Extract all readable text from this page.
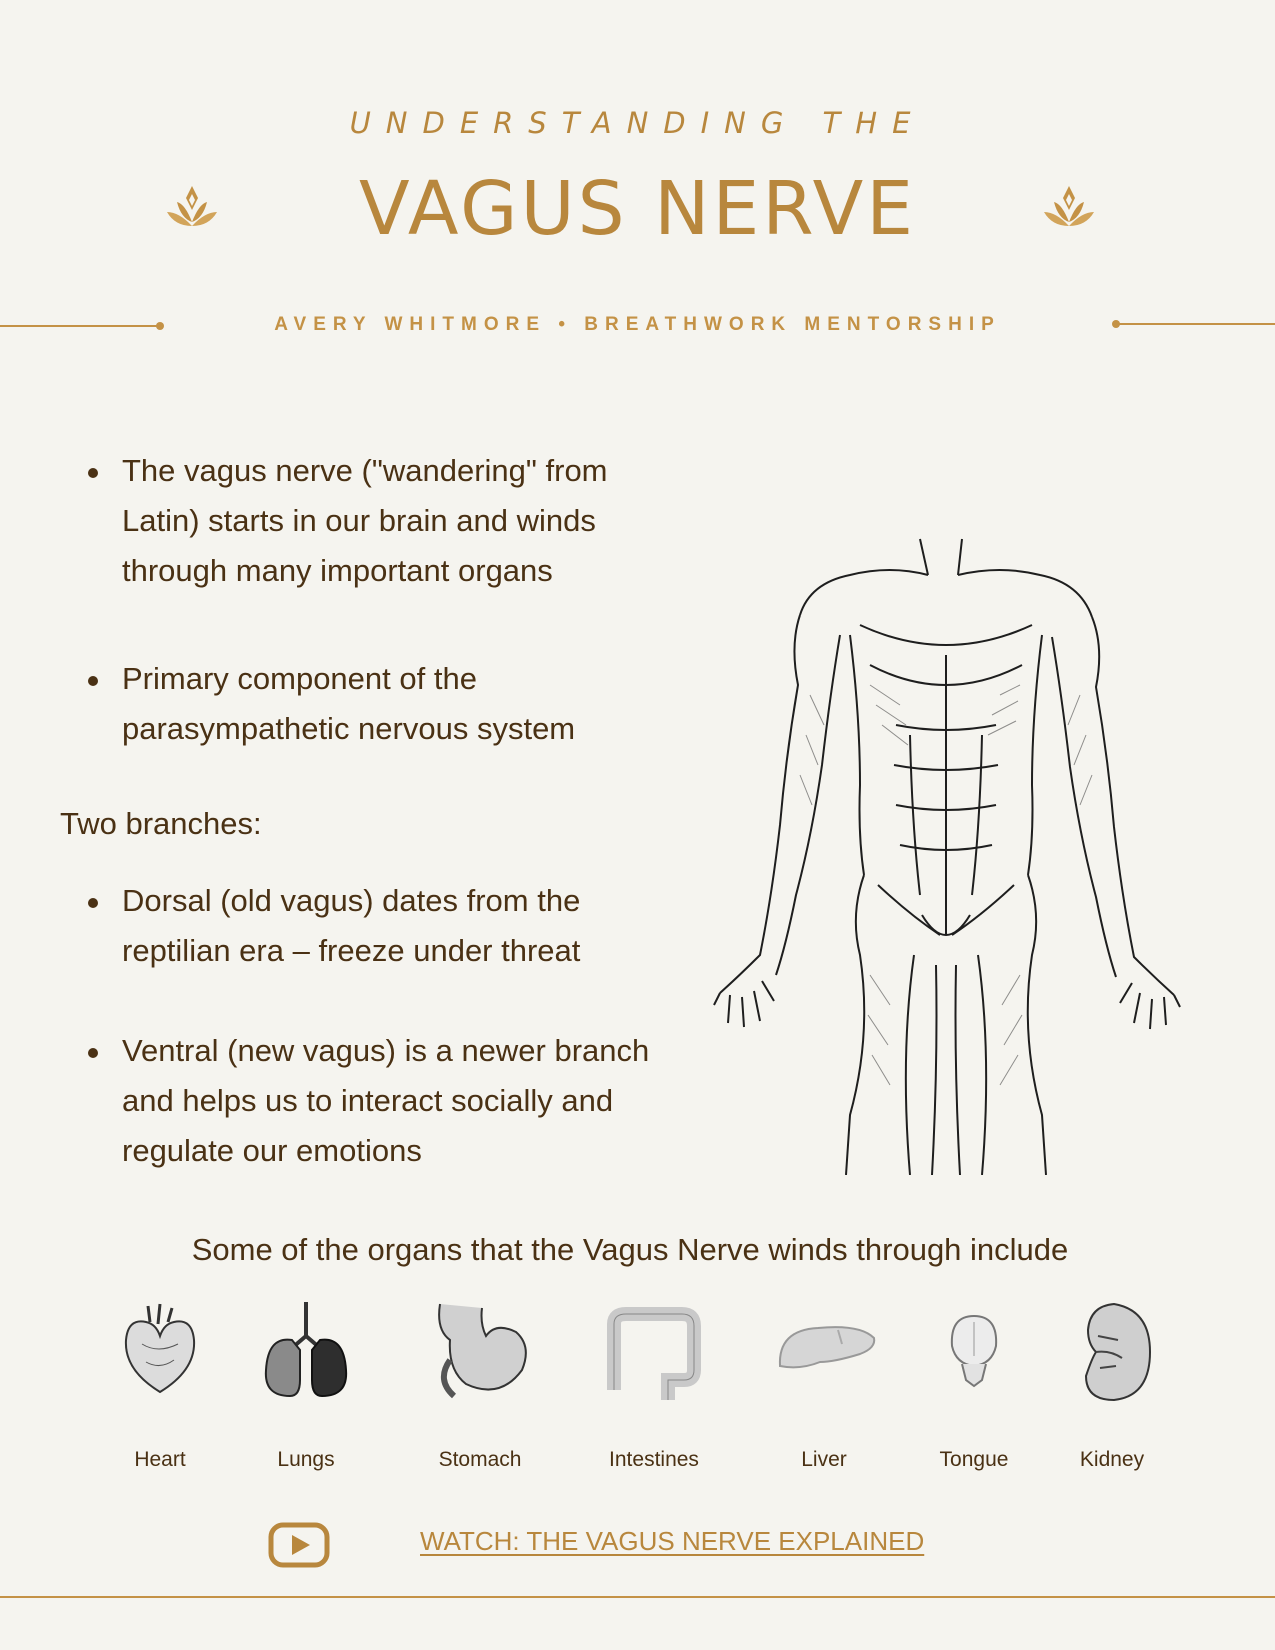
UNDERSTANDING THE
VAGUS NERVE
AVERY WHITMORE • BREATHWORK MENTORSHIP
The vagus nerve ("wandering" from Latin) starts in our brain and winds through many important organs
Primary component of the parasympathetic nervous system
Two branches:
Dorsal (old vagus) dates from the reptilian era – freeze under threat
Ventral (new vagus) is a newer branch and helps us to interact socially and regulate our emotions
Some of the organs that the Vagus Nerve winds through include
Heart	Lungs	Stomach	Intestines	Liver	Tongue	Kidney
WATCH: THE VAGUS NERVE EXPLAINED
